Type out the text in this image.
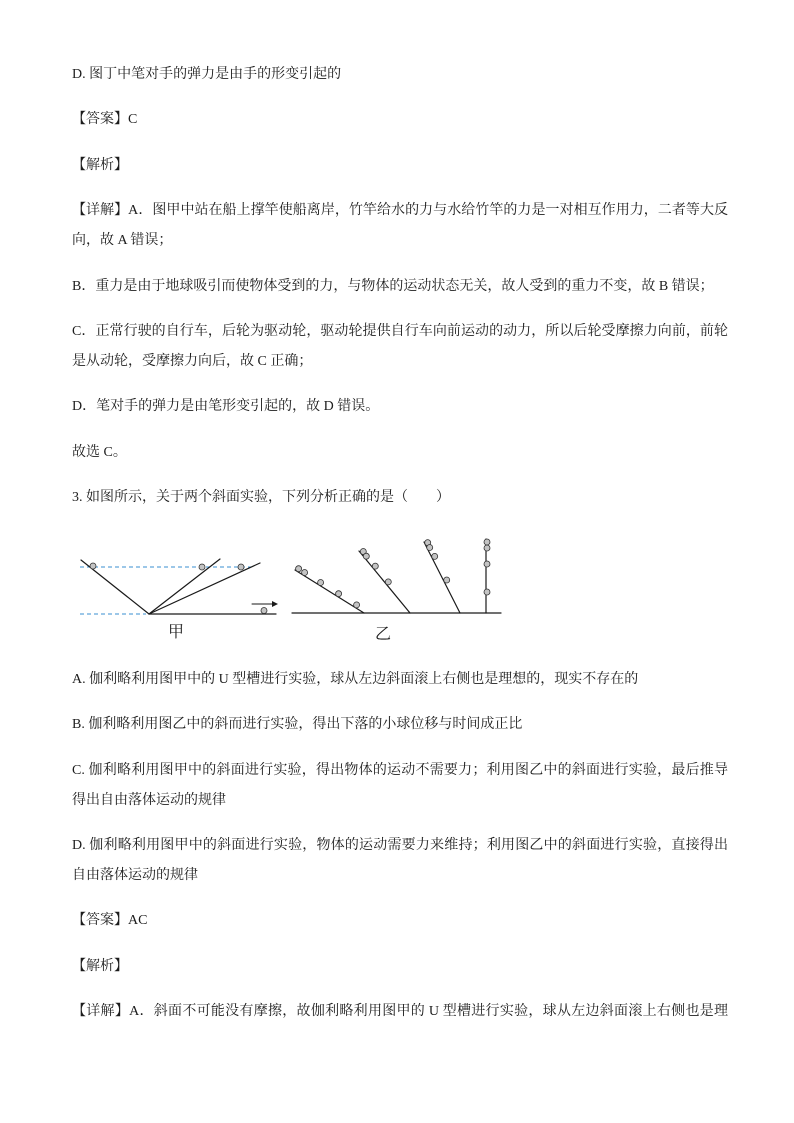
D. 图丁中笔对手的弹力是由手的形变引起的
【答案】C
【解析】
【详解】A．图甲中站在船上撑竿使船离岸，竹竿给水的力与水给竹竿的力是一对相互作用力，二者等大反
向，故 A 错误；
B．重力是由于地球吸引而使物体受到的力，与物体的运动状态无关，故人受到的重力不变，故 B 错误；
C．正常行驶的自行车，后轮为驱动轮，驱动轮提供自行车向前运动的动力，所以后轮受摩擦力向前，前轮
是从动轮，受摩擦力向后，故 C 正确；
D．笔对手的弹力是由笔形变引起的，故 D 错误。
故选 C。
3. 如图所示，关于两个斜面实验，下列分析正确的是（　　）
甲	乙
A. 伽利略利用图甲中的 U 型槽进行实验，球从左边斜面滚上右侧也是理想的，现实不存在的
B. 伽利略利用图乙中的斜而进行实验，得出下落的小球位移与时间成正比
C. 伽利略利用图甲中的斜面进行实验，得出物体的运动不需要力；利用图乙中的斜面进行实验，最后推导
得出自由落体运动的规律
D. 伽利略利用图甲中的斜面进行实验，物体的运动需要力来维持；利用图乙中的斜面进行实验，直接得出
自由落体运动的规律
【答案】AC
【解析】
【详解】A．斜面不可能没有摩擦，故伽利略利用图甲的 U 型槽进行实验，球从左边斜面滚上右侧也是理
